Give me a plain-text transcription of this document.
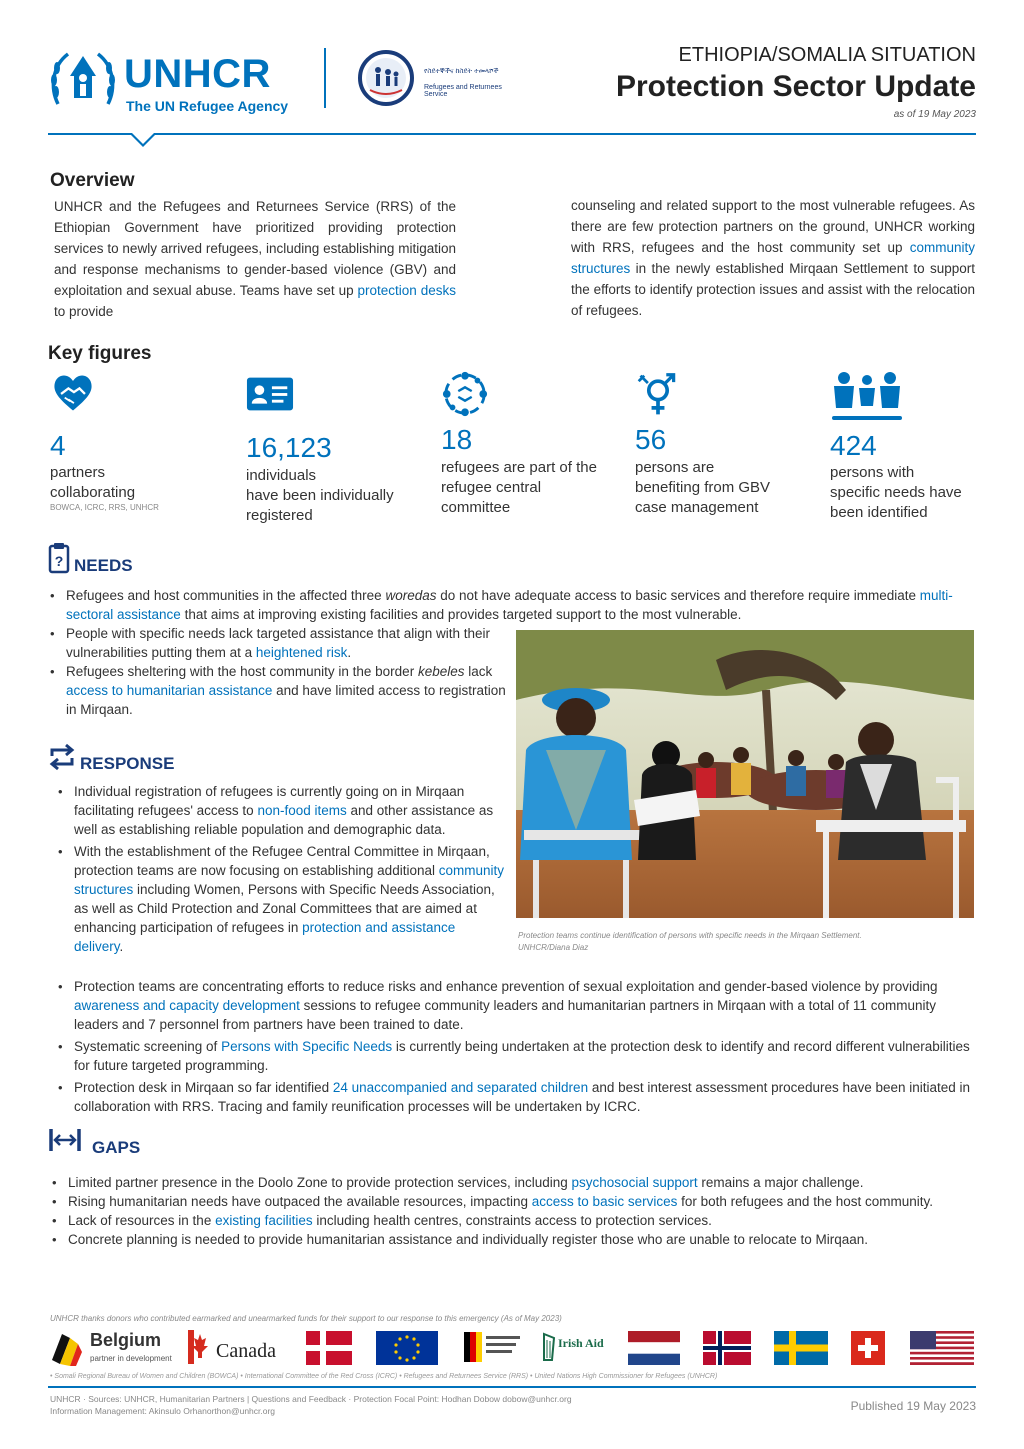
UNHCR
The UN Refugee Agency
የስደተኞችና ከስደት ተመላሾች
Refugees and Returnees Service
ETHIOPIA/SOMALIA SITUATION
Protection Sector Update
as of 19 May 2023
Overview
UNHCR and the Refugees and Returnees Service (RRS) of the Ethiopian Government have prioritized providing protection services to newly arrived refugees, including establishing mitigation and response mechanisms to gender-based violence (GBV) and exploitation and sexual abuse. Teams have set up protection desks to provide
counseling and related support to the most vulnerable refugees. As there are few protection partners on the ground, UNHCR working with RRS, refugees and the host community set up community structures in the newly established Mirqaan Settlement to support the efforts to identify protection issues and assist with the relocation of refugees.
Key figures
4
partners
collaborating
BOWCA, ICRC, RRS, UNHCR
16,123
individuals
have been individually registered
18
refugees are part of the
refugee central committee
56
persons are
benefiting from GBV case management
424
persons with
specific needs have been identified
? NEEDS
• Refugees and host communities in the affected three woredas do not have adequate access to basic services and therefore require immediate multi-sectoral assistance that aims at improving existing facilities and provides targeted support to the most vulnerable.
• People with specific needs lack targeted assistance that align with their vulnerabilities putting them at a heightened risk.
• Refugees sheltering with the host community in the border kebeles lack access to humanitarian assistance and have limited access to registration in Mirqaan.
Protection teams continue identification of persons with specific needs in the Mirqaan Settlement.
UNHCR/Diana Diaz
RESPONSE
• Individual registration of refugees is currently going on in Mirqaan facilitating refugees' access to non-food items and other assistance as well as establishing reliable population and demographic data.
• With the establishment of the Refugee Central Committee in Mirqaan, protection teams are now focusing on establishing additional community structures including Women, Persons with Specific Needs Association, as well as Child Protection and Zonal Committees that are aimed at enhancing participation of refugees in protection and assistance delivery.
• Protection teams are concentrating efforts to reduce risks and enhance prevention of sexual exploitation and gender-based violence by providing awareness and capacity development sessions to refugee community leaders and humanitarian partners in Mirqaan with a total of 11 community leaders and 7 personnel from partners have been trained to date.
• Systematic screening of Persons with Specific Needs is currently being undertaken at the protection desk to identify and record different vulnerabilities for future targeted programming.
• Protection desk in Mirqaan so far identified 24 unaccompanied and separated children and best interest assessment procedures have been initiated in collaboration with RRS. Tracing and family reunification processes will be undertaken by ICRC.
GAPS
• Limited partner presence in the Doolo Zone to provide protection services, including psychosocial support remains a major challenge.
• Rising humanitarian needs have outpaced the available resources, impacting access to basic services for both refugees and the host community.
• Lack of resources in the existing facilities including health centres, constraints access to protection services.
• Concrete planning is needed to provide humanitarian assistance and individually register those who are unable to relocate to Mirqaan.
UNHCR thanks donors who contributed earmarked and unearmarked funds for their support to our response to this emergency (As of May 2023)
Belgium
partner in development Canada	Irish Aid
• Somali Regional Bureau of Women and Children (BOWCA) • International Committee of the Red Cross (ICRC) • Refugees and Returnees Service (RRS) • United Nations High Commissioner for Refugees (UNHCR)
UNHCR · Sources: UNHCR, Humanitarian Partners | Questions and Feedback · Protection Focal Point: Hodhan Dobow dobow@unhcr.org
Information Management: Akinsulo Orhanorthon@unhcr.org	Published 19 May 2023
